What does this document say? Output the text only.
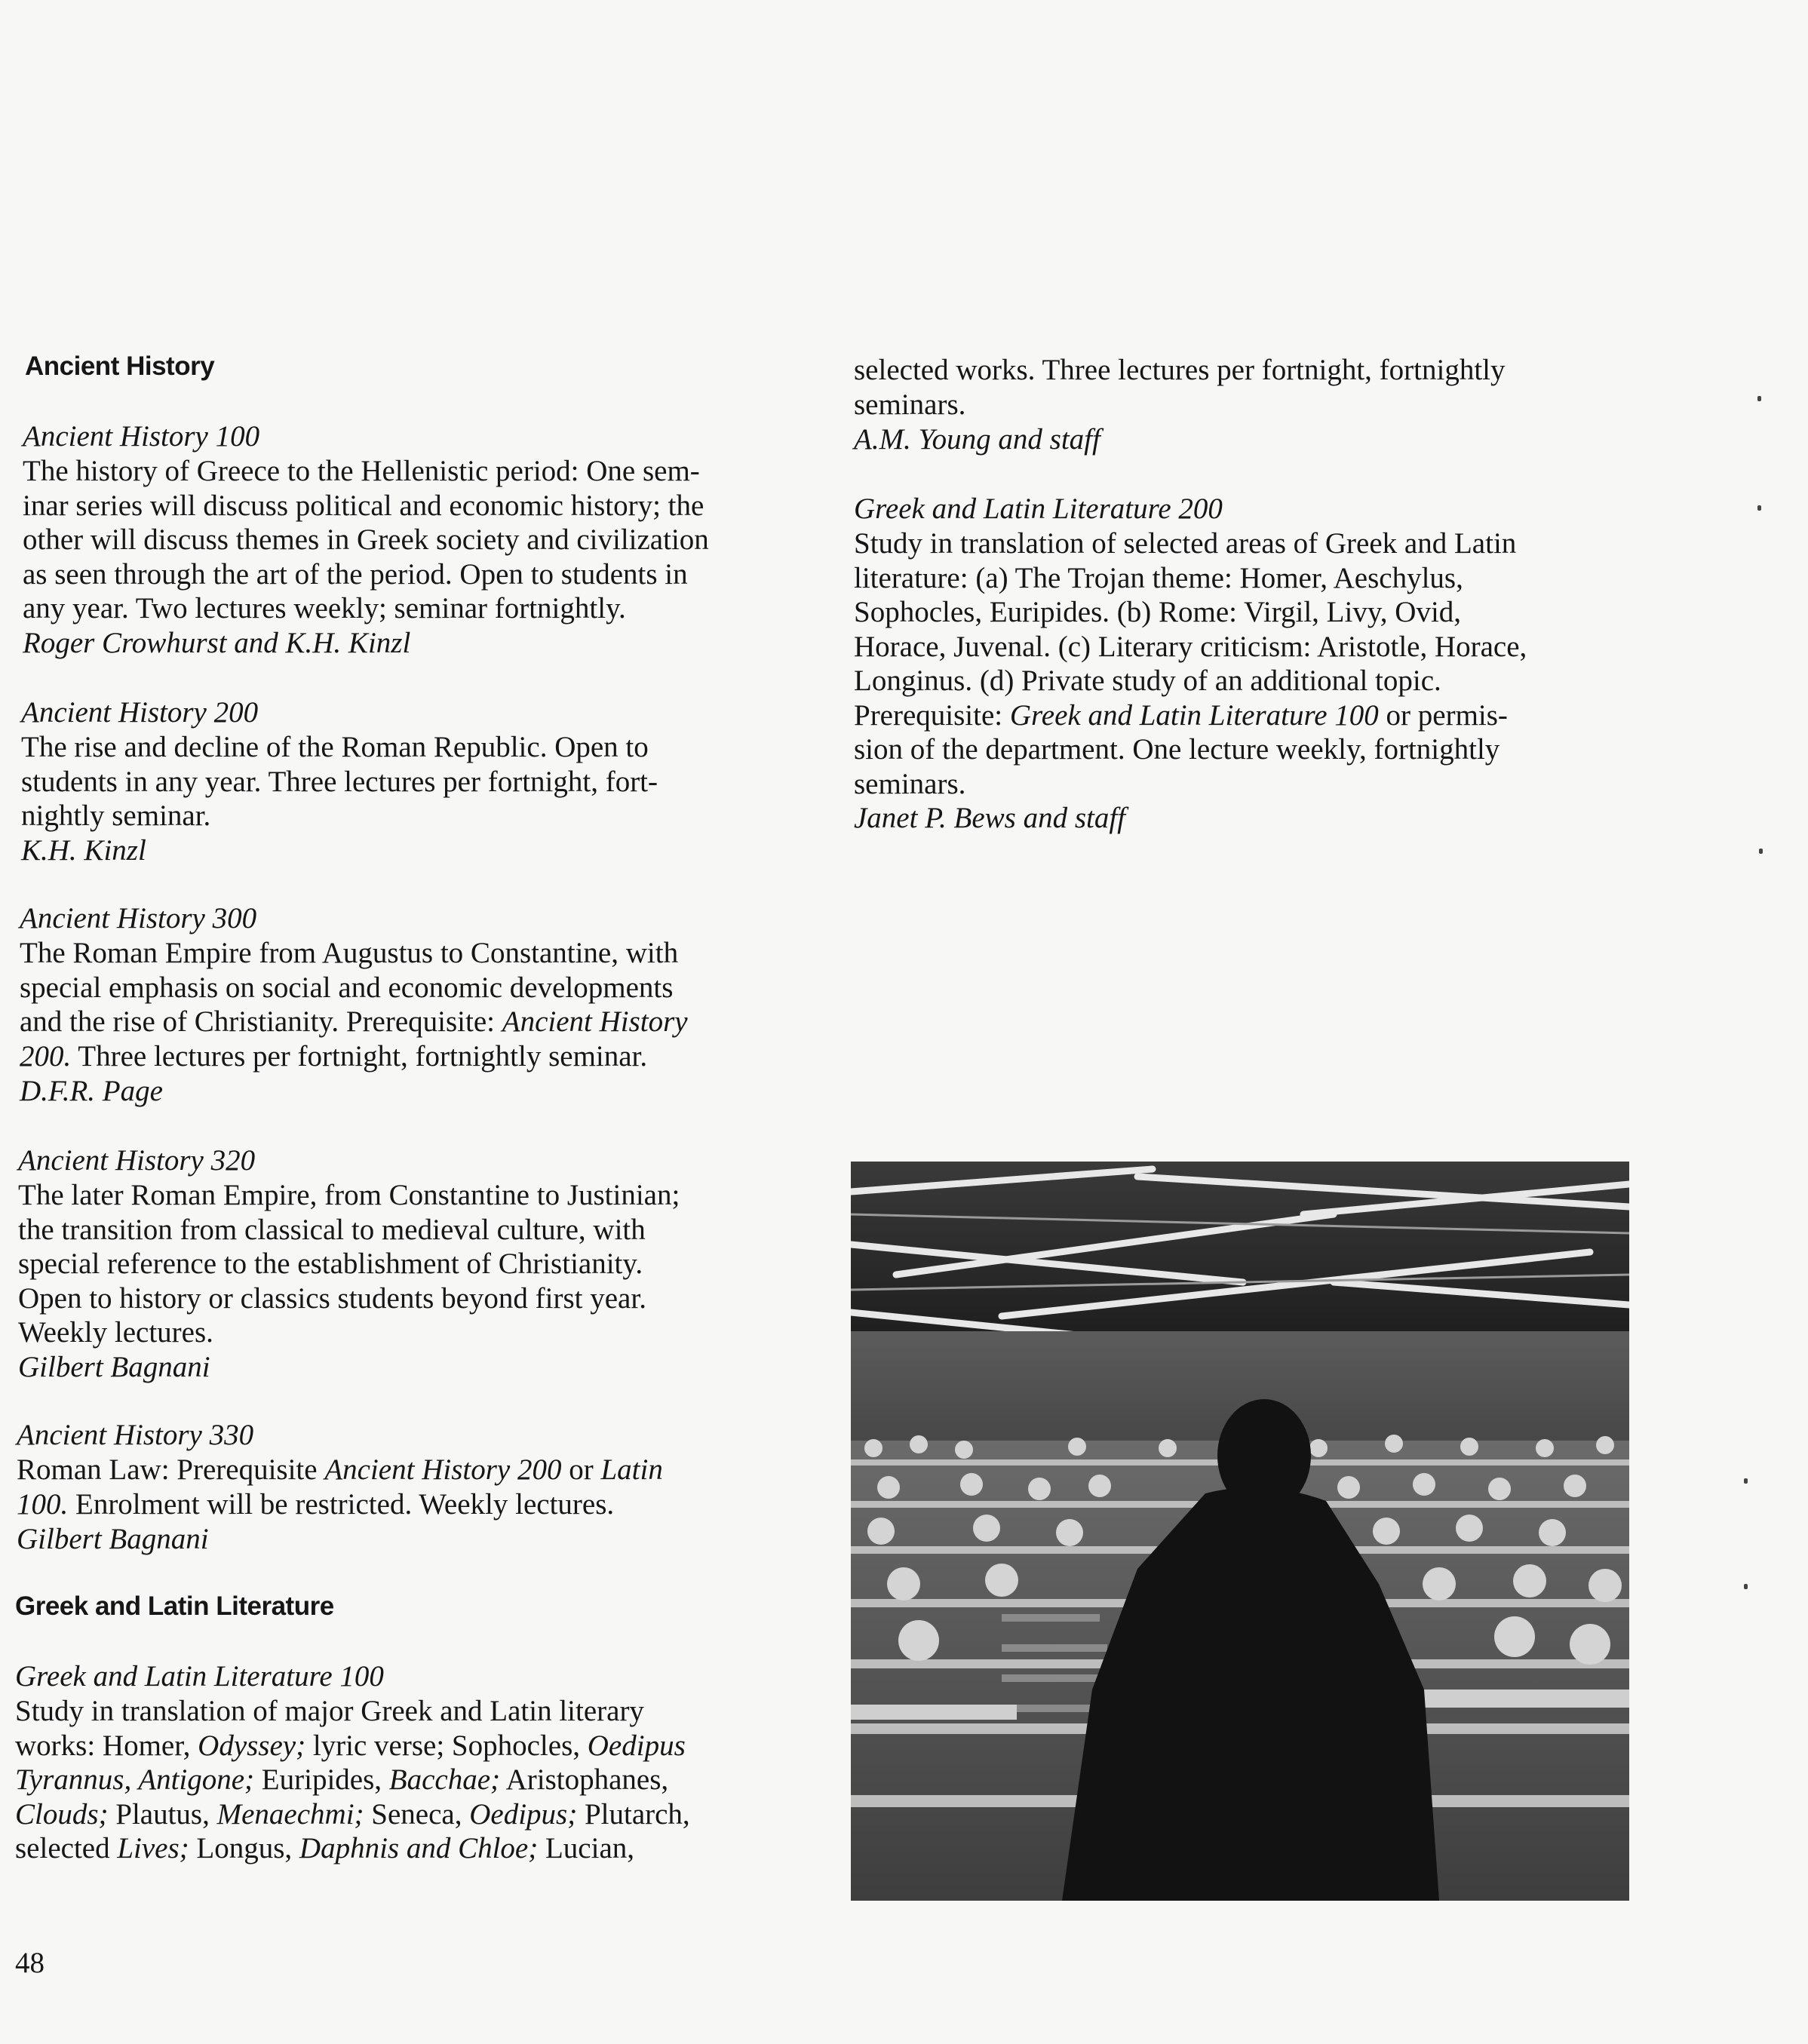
Ancient History

Ancient History 100

The history of Greece to the Hellenistic period: One sem-
inar series will discuss political and economic history; the
other will discuss themes in Greek society and civilization
as seen through the art of the period. Open to students in
any year. Two lectures weekly; seminar fortnightly.

Roger Crowhurst and K.H. Kinzl

Ancient History 200

The rise and decline of the Roman Republic. Open to
students in any year. Three lectures per fortnight, fort-
nightly seminar.

K.H. Kinzl

Ancient History 300

The Roman Empire from Augustus to Constantine, with
special emphasis on social and economic developments
and the rise of Christianity. Prerequisite: Ancient History
200. Three lectures per fortnight, fortnightly seminar.

D.F.R. Page

Ancient History 320

The later Roman Empire, from Constantine to Justinian;
the transition from classical to medieval culture, with
special reference to the establishment of Christianity.
Open to history or classics students beyond first year.
Weekly lectures.

Gilbert Bagnani

Ancient History 330

Roman Law: Prerequisite Ancient History 200 or Latin
100. Enrolment will be restricted. Weekly lectures.

Gilbert Bagnani

Greek and Latin Literature

Greek and Latin Literature 100

Study in translation of major Greek and Latin literary
works: Homer, Odyssey; lyric verse; Sophocles, Oedipus
Tyrannus, Antigone; Euripides, Bacchae; Aristophanes,
Clouds; Plautus, Menaechmi; Seneca, Oedipus; Plutarch,
selected Lives; Longus, Daphnis and Chloe; Lucian,
selected works. Three lectures per fortnight, fortnightly
seminars.

A.M. Young and staff

Greek and Latin Literature 200

Study in translation of selected areas of Greek and Latin
literature: (a) The Trojan theme: Homer, Aeschylus,
Sophocles, Euripides. (b) Rome: Virgil, Livy, Ovid,
Horace, Juvenal. (c) Literary criticism: Aristotle, Horace,
Longinus. (d) Private study of an additional topic.
Prerequisite: Greek and Latin Literature 100 or permis-
sion of the department. One lecture weekly, fortnightly
seminars.

Janet P. Bews and staff

48
